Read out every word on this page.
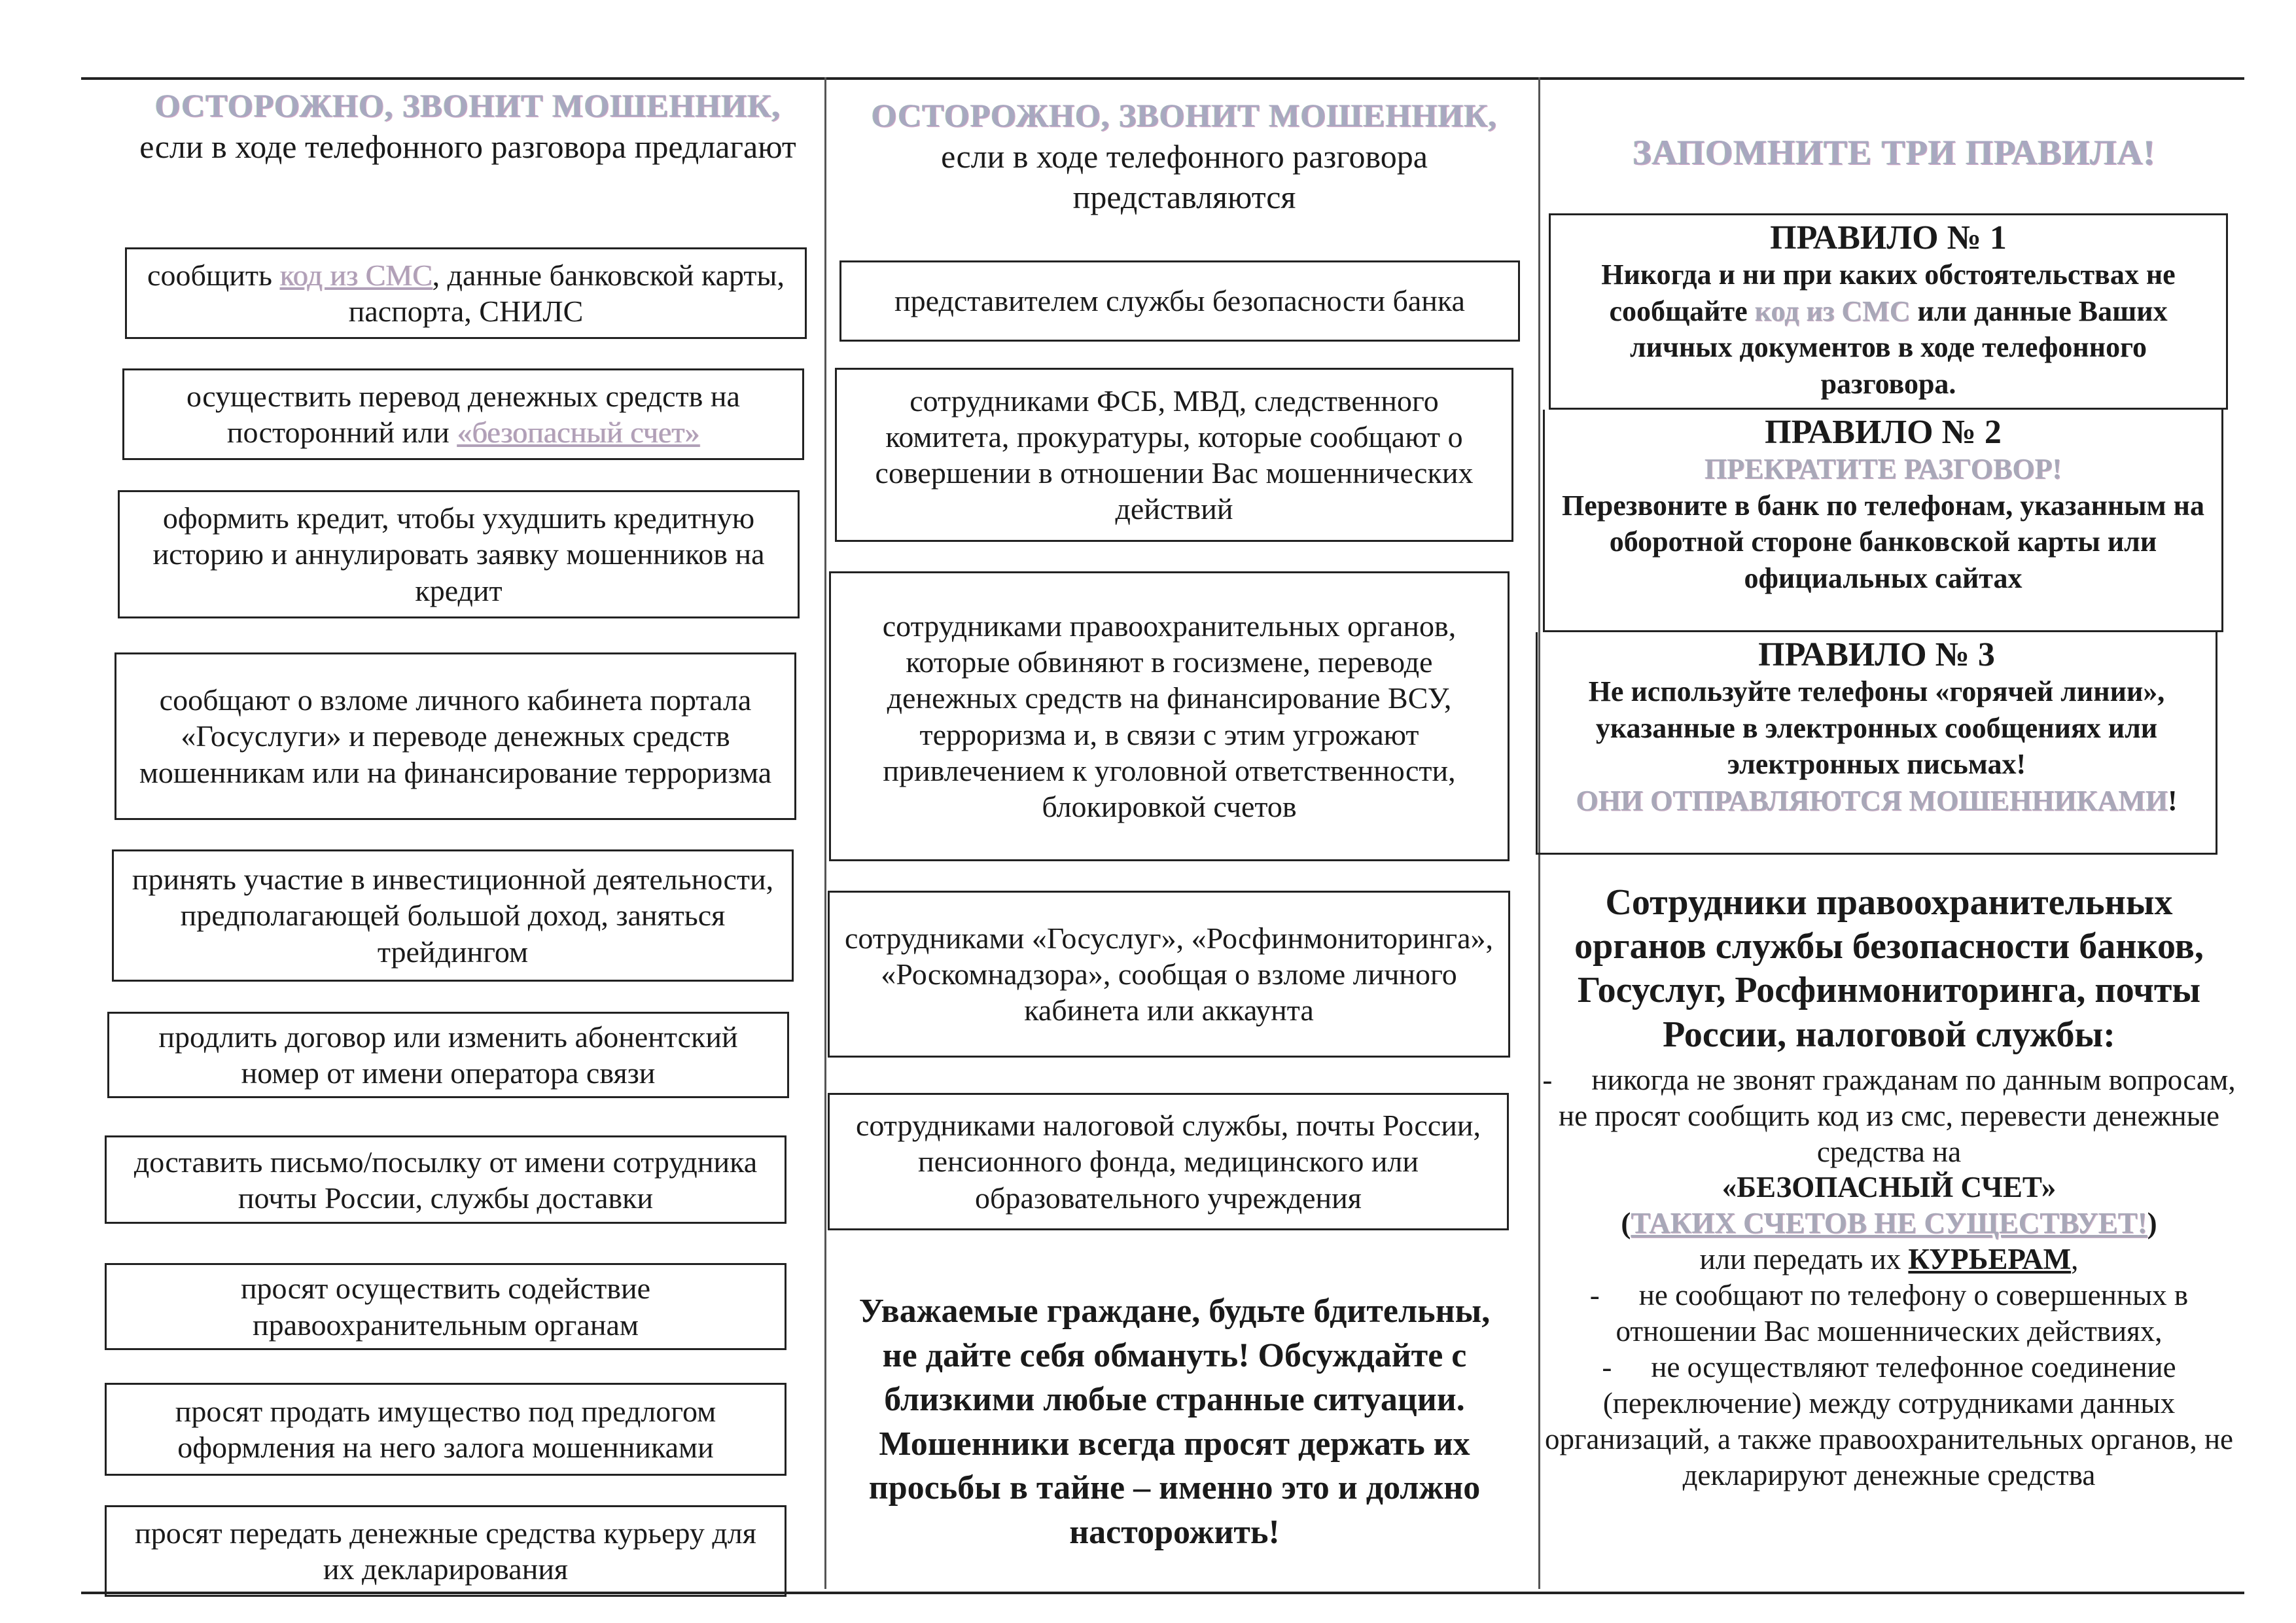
ОСТОРОЖНО, ЗВОНИТ МОШЕННИК,
если в ходе телефонного разговора предлагают

сообщить код из СМС, данные банковской карты, паспорта, СНИЛС

осуществить перевод денежных средств на посторонний или «безопасный счет»

оформить кредит, чтобы ухудшить кредитную историю и аннулировать заявку мошенников на кредит

сообщают о взломе личного кабинета портала «Госуслуги» и переводе денежных средств мошенникам или на финансирование терроризма

принять участие в инвестиционной деятельности, предполагающей большой доход, заняться трейдингом

продлить договор или изменить абонентский номер от имени оператора связи

доставить письмо/посылку от имени сотрудника почты России, службы доставки

просят осуществить содействие правоохранительным органам

просят продать имущество под предлогом оформления на него залога мошенниками

просят передать денежные средства курьеру для их декларирования

ОСТОРОЖНО, ЗВОНИТ МОШЕННИК,
если в ходе телефонного разговора представляются

представителем службы безопасности банка

сотрудниками ФСБ, МВД, следственного комитета, прокуратуры, которые сообщают о совершении в отношении Вас мошеннических действий

сотрудниками правоохранительных органов, которые обвиняют в госизмене, переводе денежных средств на финансирование ВСУ, терроризма и, в связи с этим угрожают привлечением к уголовной ответственности, блокировкой счетов

сотрудниками «Госуслуг», «Росфинмониторинга», «Роскомнадзора», сообщая о взломе личного кабинета или аккаунта

сотрудниками налоговой службы, почты России, пенсионного фонда, медицинского или образовательного учреждения

Уважаемые граждане, будьте бдительны, не дайте себя обмануть! Обсуждайте с близкими любые странные ситуации. Мошенники всегда просят держать их просьбы в тайне – именно это и должно насторожить!
ЗАПОМНИТЕ ТРИ ПРАВИЛА!
ПРАВИЛО № 1

Никогда и ни при каких обстоятельствах не сообщайте код из СМС или данные Ваших личных документов в ходе телефонного разговора.

ПРАВИЛО № 2

ПРЕКРАТИТЕ РАЗГОВОР!

Перезвоните в банк по телефонам, указанным на оборотной стороне банковской карты или официальных сайтах

ПРАВИЛО № 3

Не используйте телефоны «горячей линии», указанные в электронных сообщениях или электронных письмах!

ОНИ ОТПРАВЛЯЮТСЯ МОШЕННИКАМИ!

Сотрудники правоохранительных органов службы безопасности банков, Госуслуг, Росфинмониторинга, почты России, налоговой службы:

- никогда не звонят гражданам по данным вопросам, не просят сообщить код из смс, перевести денежные средства на

«БЕЗОПАСНЫЙ СЧЕТ»

(ТАКИХ СЧЕТОВ НЕ СУЩЕСТВУЕТ!)

или передать их КУРЬЕРАМ,

- не сообщают по телефону о совершенных в отношении Вас мошеннических действиях,

- не осуществляют телефонное соединение (переключение) между сотрудниками данных организаций, а также правоохранительных органов, не декларируют денежные средства
